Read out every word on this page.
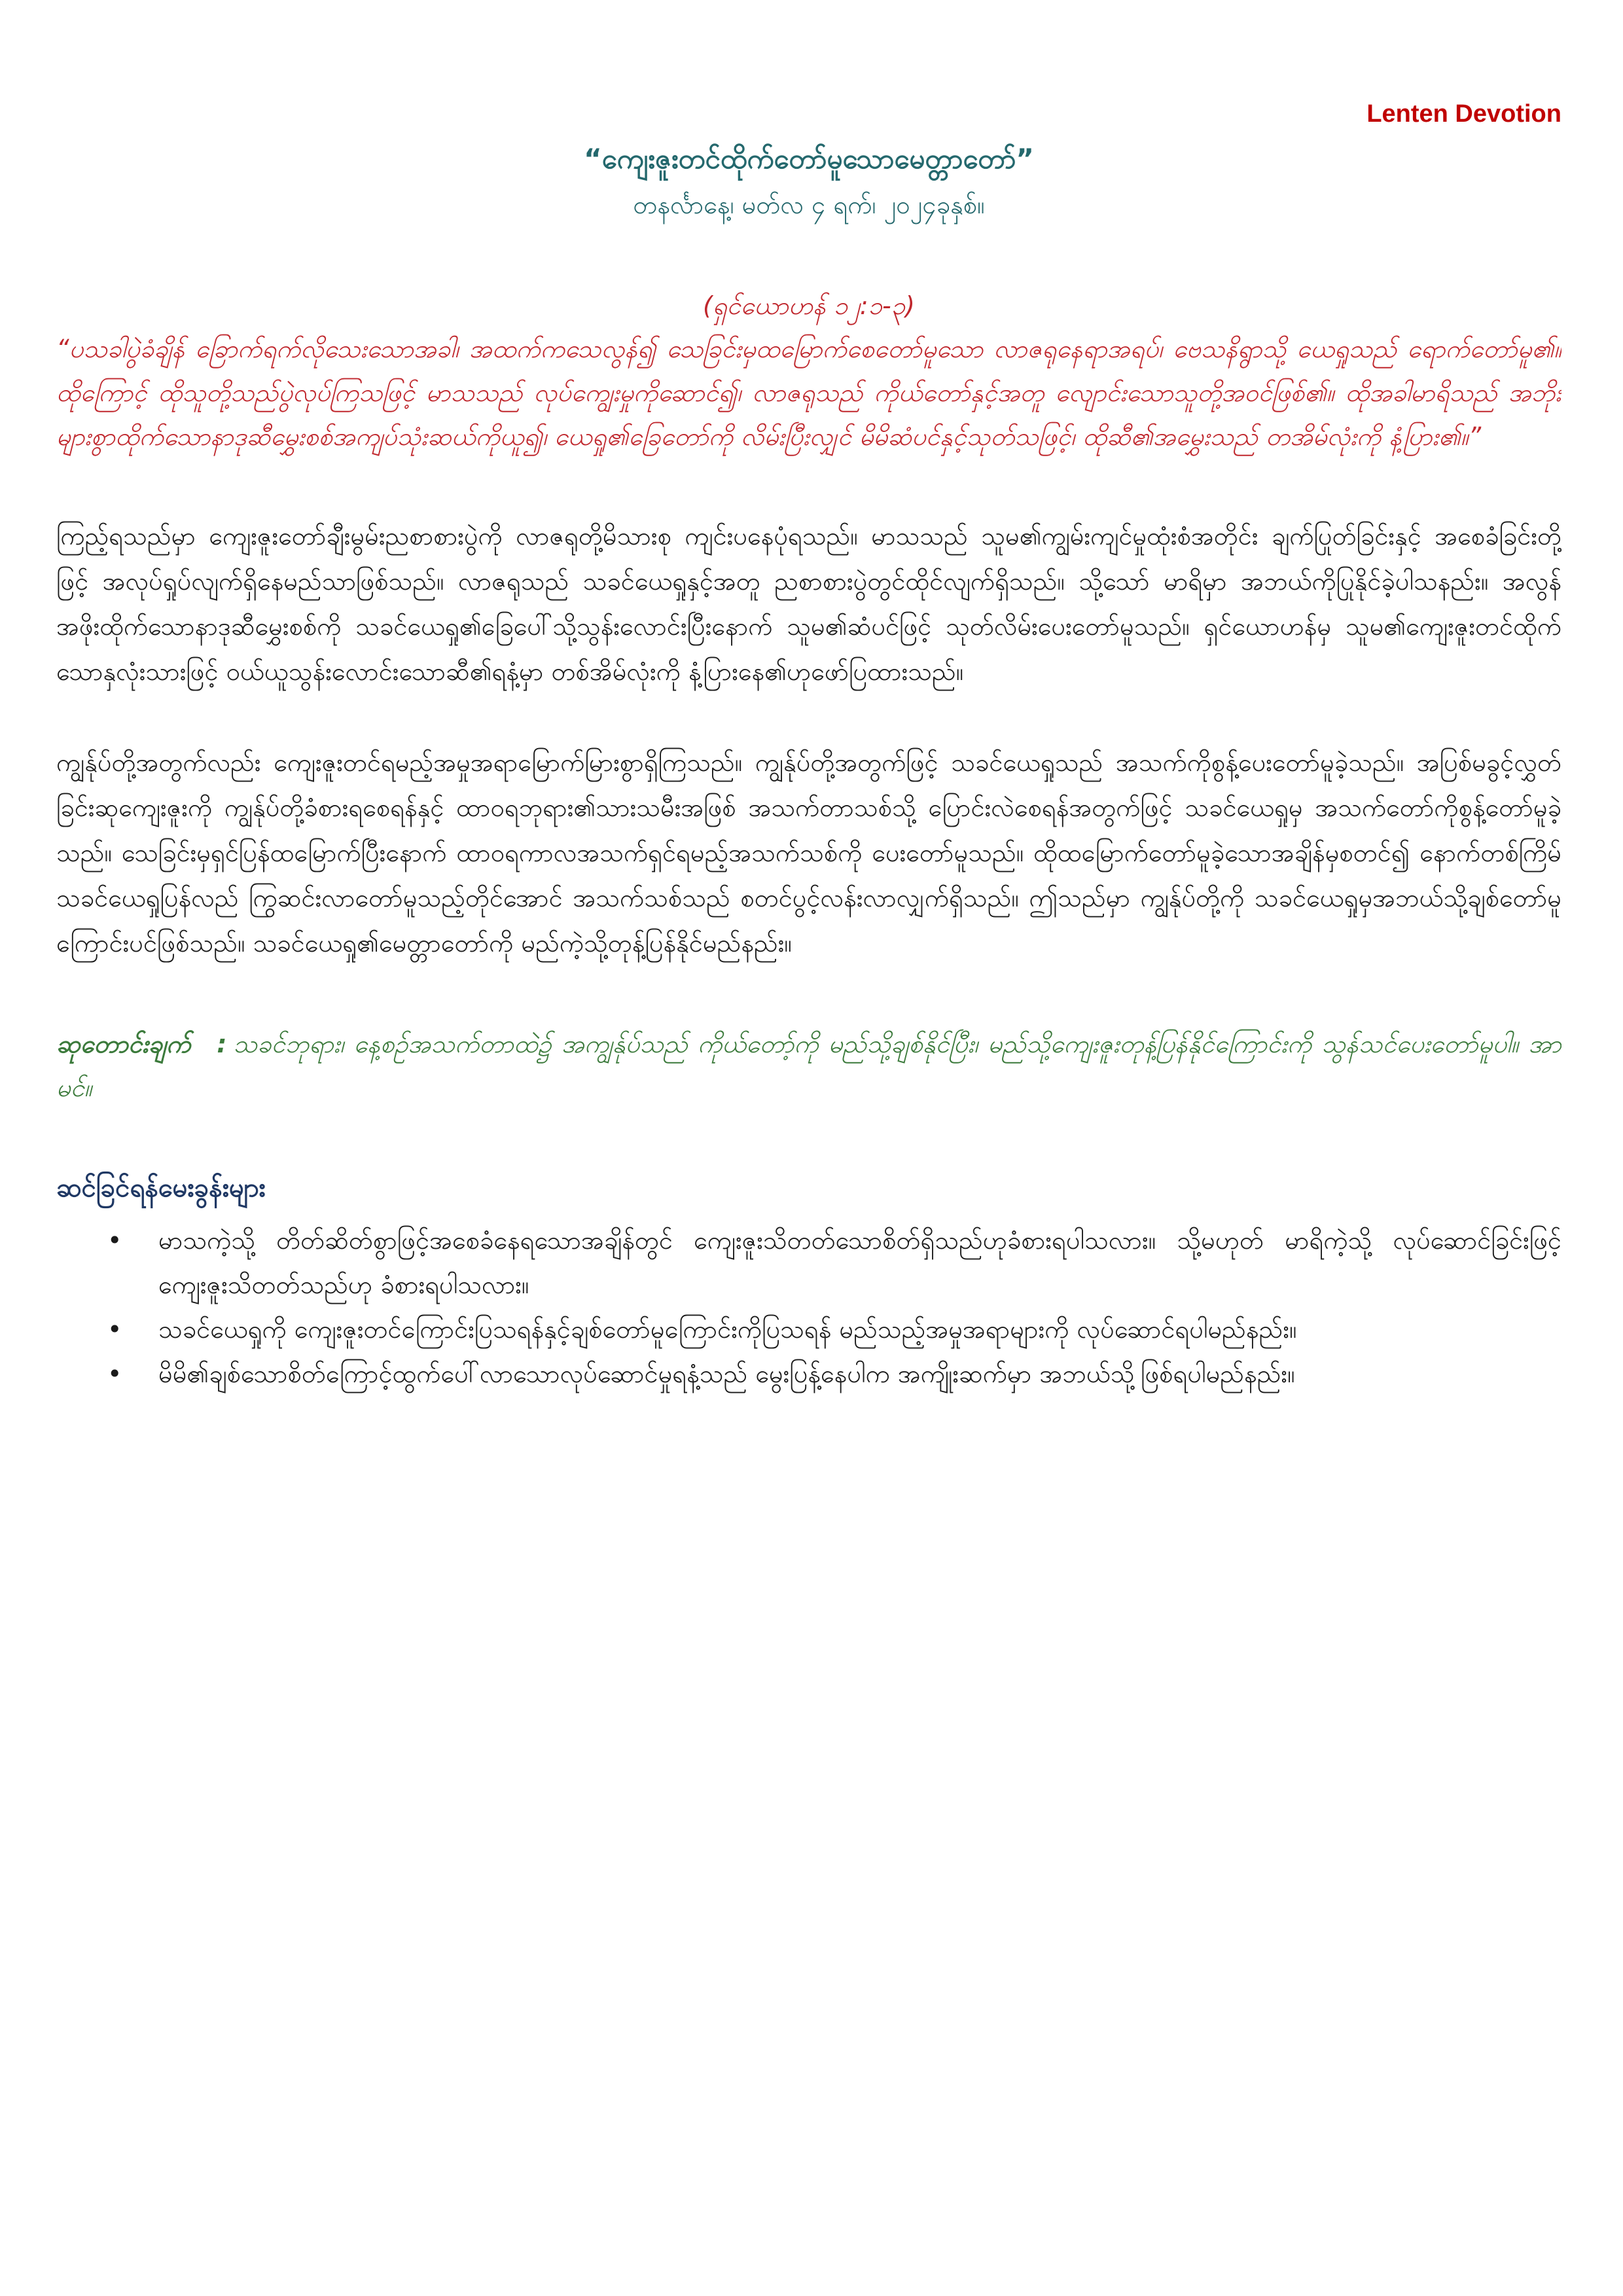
Lenten Devotion
“ကျေးဇူးတင်ထိုက်တော်မူသောမေတ္တာတော်”
တနင်္လာနေ့၊ မတ်လ ၄ ရက်၊ ၂၀၂၄ခုနှစ်။
(ရှင်ယောဟန် ၁၂:၁-၃)
“ပသခါပွဲခံချိန် ခြောက်ရက်လိုသေးသောအခါ၊ အထက်ကသေလွန်၍ သေခြင်းမှထမြောက်စေတော်မူသော လာဇရုနေရာအရပ်၊ ဗေသနိရွာသို့ ယေရှုသည် ရောက်တော်မူ၏။ ထိုကြောင့် ထိုသူတို့သည်ပွဲလုပ်ကြသဖြင့် မာသသည် လုပ်ကျွေးမှုကိုဆောင်၍၊ လာဇရုသည် ကိုယ်တော်နှင့်အတူ လျောင်းသောသူတို့အဝင်ဖြစ်၏။ ထိုအခါမာရိသည် အဘိုးများစွာထိုက်သောနာဒုဆီမွှေးစစ်အကျပ်သုံးဆယ်ကိုယူ၍၊ ယေရှု၏ခြေတော်ကို လိမ်းပြီးလျှင် မိမိဆံပင်နှင့်သုတ်သဖြင့်၊ ထိုဆီ၏အမွှေးသည် တအိမ်လုံးကို နံ့ပြား၏။”
ကြည့်ရသည်မှာ ကျေးဇူးတော်ချီးမွမ်းညစာစားပွဲကို လာဇရုတို့မိသားစု ကျင်းပနေပုံရသည်။ မာသသည် သူမ၏ကျွမ်းကျင်မှုထုံးစံအတိုင်း ချက်ပြုတ်ခြင်းနှင့် အစေခံခြင်းတို့ဖြင့် အလုပ်ရှုပ်လျက်ရှိနေမည်သာဖြစ်သည်။ လာဇရုသည် သခင်ယေရှုနှင့်အတူ ညစာစားပွဲတွင်ထိုင်လျက်ရှိသည်။ သို့သော် မာရိမှာ အဘယ်ကိုပြုနိုင်ခဲ့ပါသနည်း။ အလွန်အဖိုးထိုက်သောနာဒုဆီမွှေးစစ်ကို သခင်ယေရှု၏ခြေပေါ်သို့သွန်းလောင်းပြီးနောက် သူမ၏ဆံပင်ဖြင့် သုတ်လိမ်းပေးတော်မူသည်။ ရှင်ယောဟန်မှ သူမ၏ကျေးဇူးတင်ထိုက်သောနှလုံးသားဖြင့် ဝယ်ယူသွန်းလောင်းသောဆီ၏ရနံ့မှာ တစ်အိမ်လုံးကို နံ့ပြားနေ၏ဟုဖော်ပြထားသည်။
ကျွန်ုပ်တို့အတွက်လည်း ကျေးဇူးတင်ရမည့်အမှုအရာမြောက်မြားစွာရှိကြသည်။ ကျွန်ုပ်တို့အတွက်ဖြင့် သခင်ယေရှုသည် အသက်ကိုစွန့်ပေးတော်မူခဲ့သည်။ အပြစ်မခွင့်လွှတ်ခြင်းဆုကျေးဇူးကို ကျွန်ုပ်တို့ခံစားရစေရန်နှင့် ထာဝရဘုရား၏သားသမီးအဖြစ် အသက်တာသစ်သို့ ပြောင်းလဲစေရန်အတွက်ဖြင့် သခင်ယေရှုမှ အသက်တော်ကိုစွန့်တော်မူခဲ့သည်။ သေခြင်းမှရှင်ပြန်ထမြောက်ပြီးနောက် ထာဝရကာလအသက်ရှင်ရမည့်အသက်သစ်ကို ပေးတော်မူသည်။ ထိုထမြောက်တော်မူခဲ့သောအချိန်မှစတင်၍ နောက်တစ်ကြိမ်သခင်ယေရှုပြန်လည် ကြွဆင်းလာတော်မူသည့်တိုင်အောင် အသက်သစ်သည် စတင်ပွင့်လန်းလာလျှက်ရှိသည်။ ဤသည်မှာ ကျွန်ုပ်တို့ကို သခင်ယေရှုမှအဘယ်သို့ချစ်တော်မူကြောင်းပင်ဖြစ်သည်။ သခင်ယေရှု၏မေတ္တာတော်ကို မည်ကဲ့သို့တုန့်ပြန်နိုင်မည်နည်း။
ဆုတောင်းချက် : သခင်ဘုရား၊ နေ့စဉ်အသက်တာထဲ၌ အကျွန်ုပ်သည် ကိုယ်တော့်ကို မည်သို့ချစ်နိုင်ပြီး၊ မည်သို့ကျေးဇူးတုန့်ပြန်နိုင်ကြောင်းကို သွန်သင်ပေးတော်မူပါ။ အာမင်။
ဆင်ခြင်ရန်မေးခွန်းများ
• မာသကဲ့သို့ တိတ်ဆိတ်စွာဖြင့်အစေခံနေရသောအချိန်တွင် ကျေးဇူးသိတတ်သောစိတ်ရှိသည်ဟုခံစားရပါသလား။ သို့မဟုတ် မာရိကဲ့သို့ လုပ်ဆောင်ခြင်းဖြင့် ကျေးဇူးသိတတ်သည်ဟု ခံစားရပါသလား။
• သခင်ယေရှုကို ကျေးဇူးတင်ကြောင်းပြသရန်နှင့်ချစ်တော်မူကြောင်းကိုပြသရန် မည်သည့်အမှုအရာများကို လုပ်ဆောင်ရပါမည်နည်း။
• မိမိ၏ချစ်သောစိတ်ကြောင့်ထွက်ပေါ်လာသောလုပ်ဆောင်မှုရနံ့သည် မွေးပြန့်နေပါက အကျိုးဆက်မှာ အဘယ်သို့ဖြစ်ရပါမည်နည်း။
